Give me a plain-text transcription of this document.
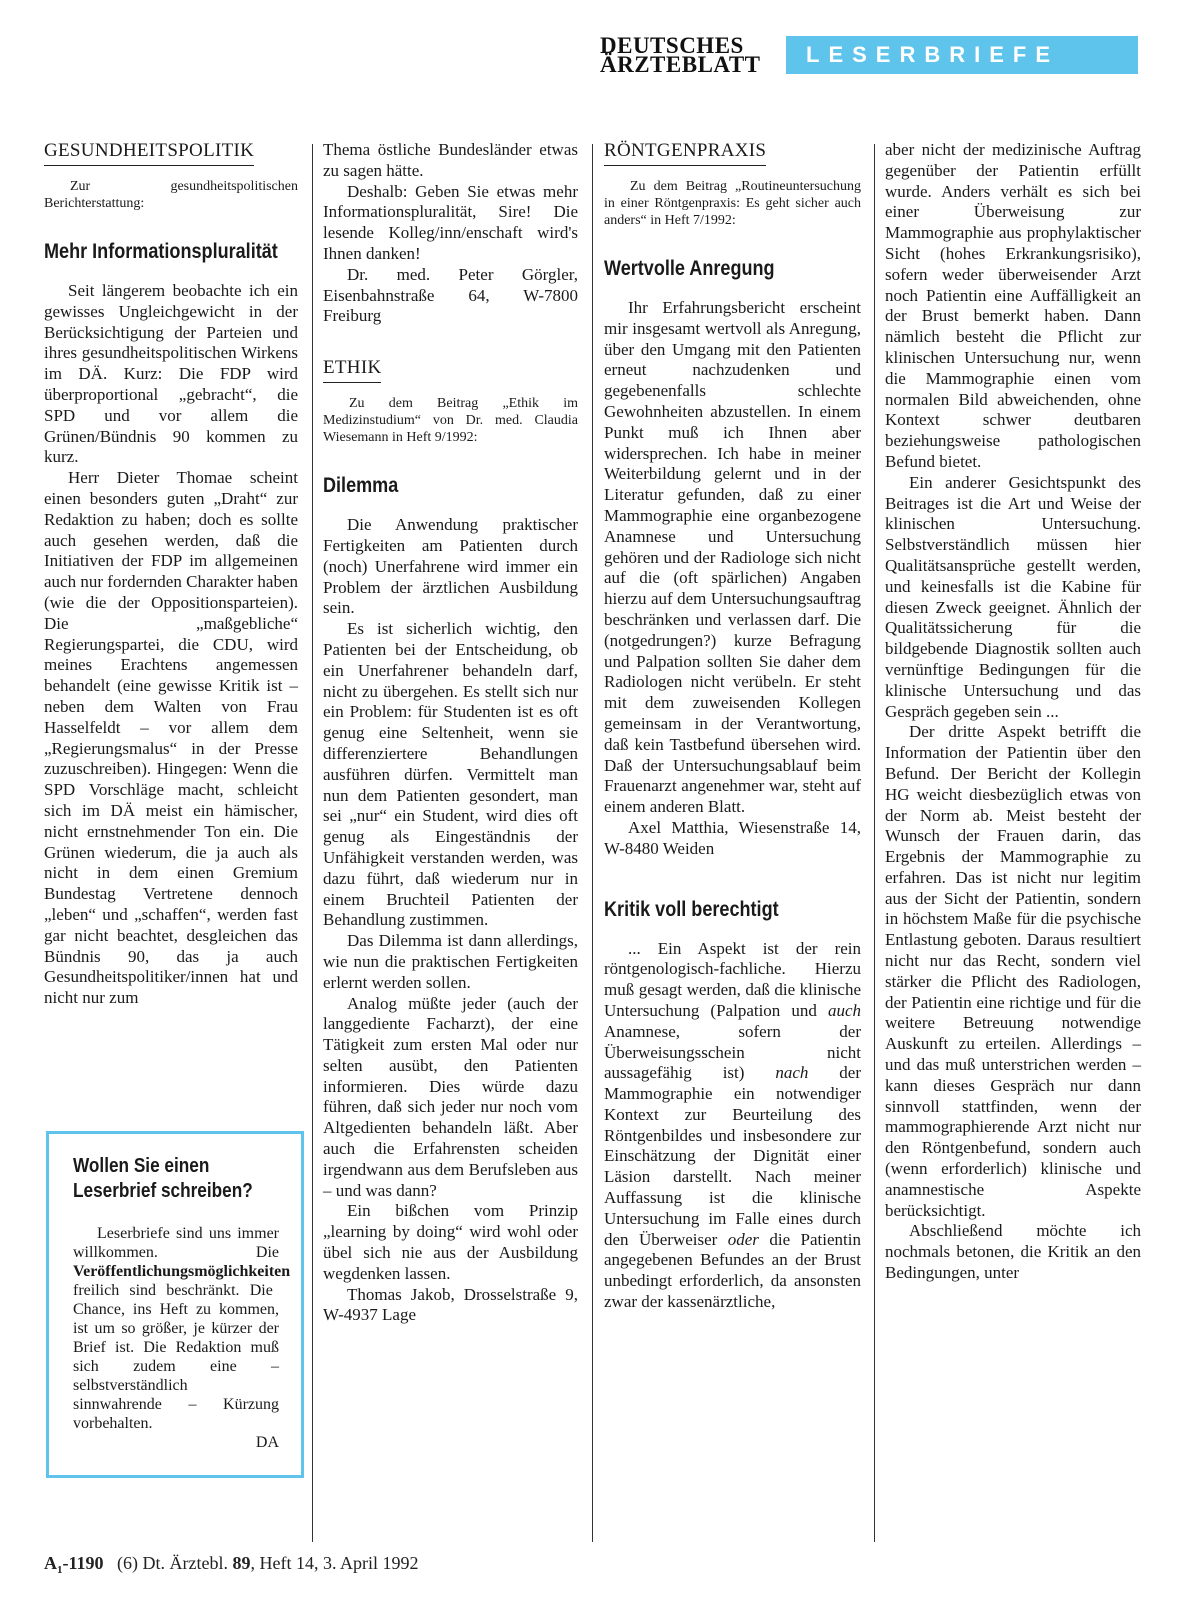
DEUTSCHES
ÄRZTEBLATT	LESERBRIEFE
GESUNDHEITSPOLITIK
Zur gesundheitspolitischen Berichterstattung:
Mehr Informationspluralität

Seit längerem beobachte ich ein gewisses Ungleichgewicht in der Berücksichtigung der Parteien und ihres gesundheitspolitischen Wirkens im DÄ. Kurz: Die FDP wird überproportional „gebracht“, die SPD und vor allem die Grünen/Bündnis 90 kommen zu kurz.

Herr Dieter Thomae scheint einen besonders guten „Draht“ zur Redaktion zu haben; doch es sollte auch gesehen werden, daß die Initiativen der FDP im allgemeinen auch nur fordernden Charakter haben (wie die der Oppositionsparteien). Die „maßgebliche“ Regierungspartei, die CDU, wird meines Erachtens angemessen behandelt (eine gewisse Kritik ist – neben dem Walten von Frau Hasselfeldt – vor allem dem „Regierungsmalus“ in der Presse zuzuschreiben). Hingegen: Wenn die SPD Vorschläge macht, schleicht sich im DÄ meist ein hämischer, nicht ernstnehmender Ton ein. Die Grünen wiederum, die ja auch als nicht in dem einen Gremium Bundestag Vertretene dennoch „leben“ und „schaffen“, werden fast gar nicht beachtet, desgleichen das Bündnis 90, das ja auch Gesundheitspolitiker/innen hat und nicht nur zum

Wollen Sie einen Leserbrief schreiben?

Leserbriefe sind uns immer willkommen. Die Veröffentlichungsmöglichkeiten freilich sind beschränkt. Die Chance, ins Heft zu kommen, ist um so größer, je kürzer der Brief ist. Die Redaktion muß sich zudem eine – selbstverständlich sinnwahrende – Kürzung vorbehalten.
DA

Thema östliche Bundesländer etwas zu sagen hätte.

Deshalb: Geben Sie etwas mehr Informationspluralität, Sire! Die lesende Kolleg/inn/enschaft wird's Ihnen danken!

Dr. med. Peter Görgler, Eisenbahnstraße 64, W-7800 Freiburg

ETHIK
Zu dem Beitrag „Ethik im Medizinstudium“ von Dr. med. Claudia Wiesemann in Heft 9/1992:
Dilemma

Die Anwendung praktischer Fertigkeiten am Patienten durch (noch) Unerfahrene wird immer ein Problem der ärztlichen Ausbildung sein.

Es ist sicherlich wichtig, den Patienten bei der Entscheidung, ob ein Unerfahrener behandeln darf, nicht zu übergehen. Es stellt sich nur ein Problem: für Studenten ist es oft genug eine Seltenheit, wenn sie differenziertere Behandlungen ausführen dürfen. Vermittelt man nun dem Patienten gesondert, man sei „nur“ ein Student, wird dies oft genug als Eingeständnis der Unfähigkeit verstanden werden, was dazu führt, daß wiederum nur in einem Bruchteil Patienten der Behandlung zustimmen.

Das Dilemma ist dann allerdings, wie nun die praktischen Fertigkeiten erlernt werden sollen.

Analog müßte jeder (auch der langgediente Facharzt), der eine Tätigkeit zum ersten Mal oder nur selten ausübt, den Patienten informieren. Dies würde dazu führen, daß sich jeder nur noch vom Altgedienten behandeln läßt. Aber auch die Erfahrensten scheiden irgendwann aus dem Berufsleben aus – und was dann?

Ein bißchen vom Prinzip „learning by doing“ wird wohl oder übel sich nie aus der Ausbildung wegdenken lassen.

Thomas Jakob, Drosselstraße 9, W-4937 Lage

RÖNTGENPRAXIS
Zu dem Beitrag „Routineuntersuchung in einer Röntgenpraxis: Es geht sicher auch anders“ in Heft 7/1992:
Wertvolle Anregung

Ihr Erfahrungsbericht erscheint mir insgesamt wertvoll als Anregung, über den Umgang mit den Patienten erneut nachzudenken und gegebenenfalls schlechte Gewohnheiten abzustellen. In einem Punkt muß ich Ihnen aber widersprechen. Ich habe in meiner Weiterbildung gelernt und in der Literatur gefunden, daß zu einer Mammographie eine organbezogene Anamnese und Untersuchung gehören und der Radiologe sich nicht auf die (oft spärlichen) Angaben hierzu auf dem Untersuchungsauftrag beschränken und verlassen darf. Die (notgedrungen?) kurze Befragung und Palpation sollten Sie daher dem Radiologen nicht verübeln. Er steht mit dem zuweisenden Kollegen gemeinsam in der Verantwortung, daß kein Tastbefund übersehen wird. Daß der Untersuchungsablauf beim Frauenarzt angenehmer war, steht auf einem anderen Blatt.

Axel Matthia, Wiesenstraße 14, W-8480 Weiden

Kritik voll berechtigt

... Ein Aspekt ist der rein röntgenologisch-fachliche. Hierzu muß gesagt werden, daß die klinische Untersuchung (Palpation und auch Anamnese, sofern der Überweisungsschein nicht aussagefähig ist) nach der Mammographie ein notwendiger Kontext zur Beurteilung des Röntgenbildes und insbesondere zur Einschätzung der Dignität einer Läsion darstellt. Nach meiner Auffassung ist die klinische Untersuchung im Falle eines durch den Überweiser oder die Patientin angegebenen Befundes an der Brust unbedingt erforderlich, da ansonsten zwar der kassenärztliche,

aber nicht der medizinische Auftrag gegenüber der Patientin erfüllt wurde. Anders verhält es sich bei einer Überweisung zur Mammographie aus prophylaktischer Sicht (hohes Erkrankungsrisiko), sofern weder überweisender Arzt noch Patientin eine Auffälligkeit an der Brust bemerkt haben. Dann nämlich besteht die Pflicht zur klinischen Untersuchung nur, wenn die Mammographie einen vom normalen Bild abweichenden, ohne Kontext schwer deutbaren beziehungsweise pathologischen Befund bietet.

Ein anderer Gesichtspunkt des Beitrages ist die Art und Weise der klinischen Untersuchung. Selbstverständlich müssen hier Qualitätsansprüche gestellt werden, und keinesfalls ist die Kabine für diesen Zweck geeignet. Ähnlich der Qualitätssicherung für die bildgebende Diagnostik sollten auch vernünftige Bedingungen für die klinische Untersuchung und das Gespräch gegeben sein ...

Der dritte Aspekt betrifft die Information der Patientin über den Befund. Der Bericht der Kollegin HG weicht diesbezüglich etwas von der Norm ab. Meist besteht der Wunsch der Frauen darin, das Ergebnis der Mammographie zu erfahren. Das ist nicht nur legitim aus der Sicht der Patientin, sondern in höchstem Maße für die psychische Entlastung geboten. Daraus resultiert nicht nur das Recht, sondern viel stärker die Pflicht des Radiologen, der Patientin eine richtige und für die weitere Betreuung notwendige Auskunft zu erteilen. Allerdings – und das muß unterstrichen werden – kann dieses Gespräch nur dann sinnvoll stattfinden, wenn der mammographierende Arzt nicht nur den Röntgenbefund, sondern auch (wenn erforderlich) klinische und anamnestische Aspekte berücksichtigt.

Abschließend möchte ich nochmals betonen, die Kritik an den Bedingungen, unter

$A_1-1190$ (6) Dt. Ärztebl. 89, Heft 14, 3. April 1992
